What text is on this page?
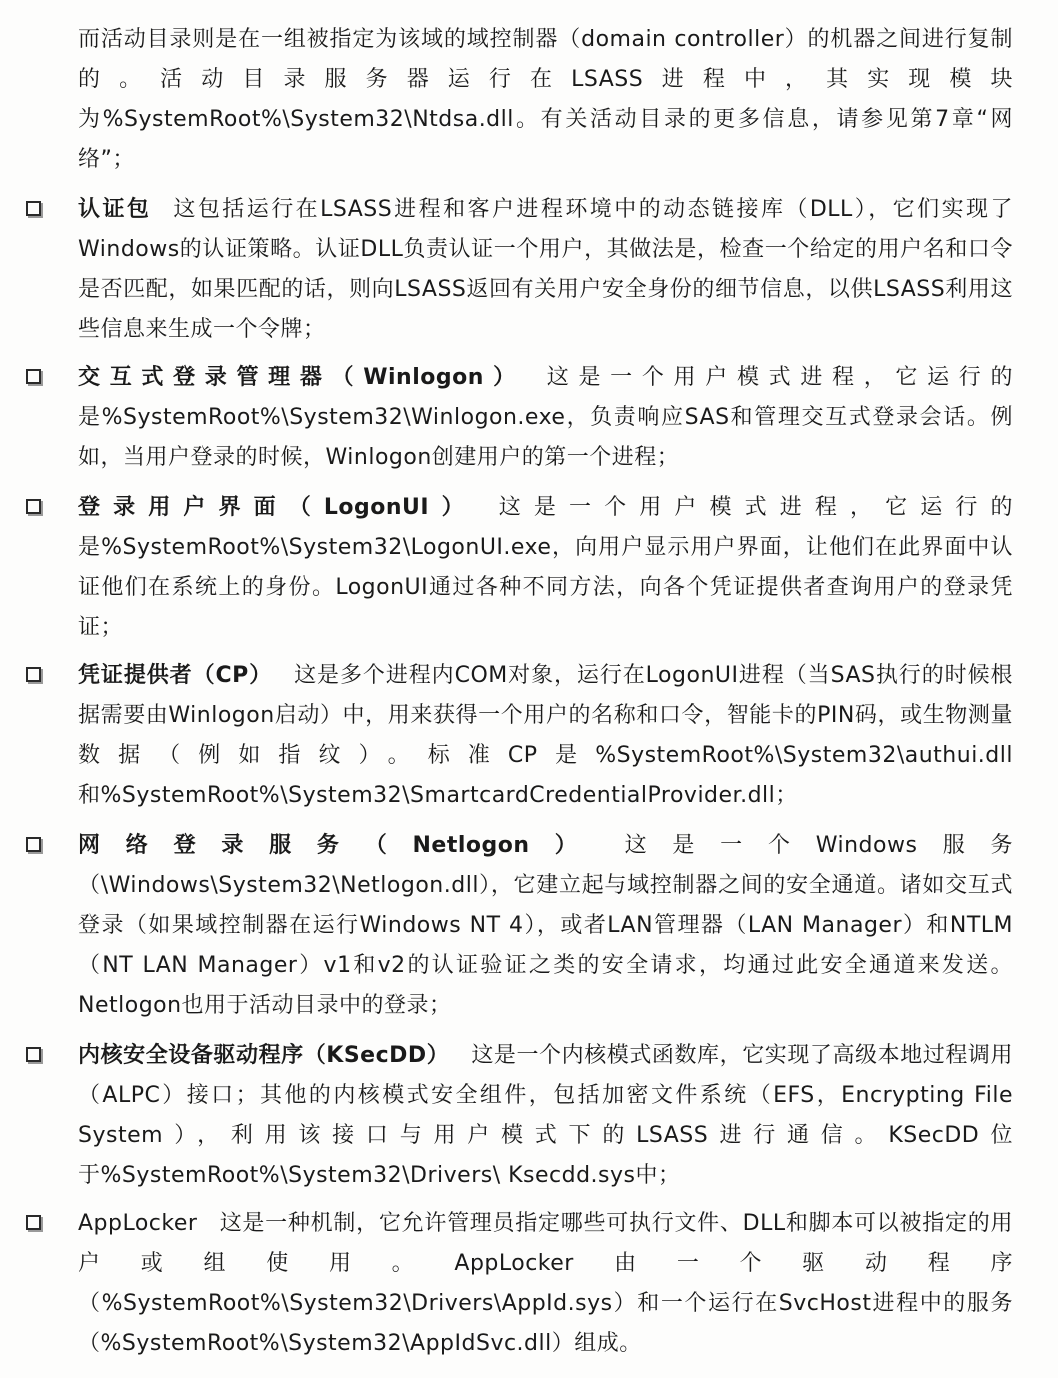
而活动目录则是在一组被指定为该域的域控制器（domain controller）的机器之间进行复制的。活动目录服务器运行在LSASS进程中，其实现模块为%SystemRoot%\System32\Ntdsa.dll。有关活动目录的更多信息，请参见第7章“网络”；
认证包 这包括运行在LSASS进程和客户进程环境中的动态链接库（DLL），它们实现了Windows的认证策略。认证DLL负责认证一个用户，其做法是，检查一个给定的用户名和口令是否匹配，如果匹配的话，则向LSASS返回有关用户安全身份的细节信息，以供LSASS利用这些信息来生成一个令牌；
交互式登录管理器（Winlogon） 这是一个用户模式进程，它运行的是%SystemRoot%\System32\Winlogon.exe，负责响应SAS和管理交互式登录会话。例如，当用户登录的时候，Winlogon创建用户的第一个进程；
登录用户界面（LogonUI） 这是一个用户模式进程，它运行的是%SystemRoot%\System32\LogonUI.exe，向用户显示用户界面，让他们在此界面中认证他们在系统上的身份。LogonUI通过各种不同方法，向各个凭证提供者查询用户的登录凭证；
凭证提供者（CP） 这是多个进程内COM对象，运行在LogonUI进程（当SAS执行的时候根据需要由Winlogon启动）中，用来获得一个用户的名称和口令，智能卡的PIN码，或生物测量数据（例如指纹）。标准CP是%SystemRoot%\System32\authui.dll和%SystemRoot%\System32\SmartcardCredentialProvider.dll；
网络登录服务（Netlogon） 这是一个Windows服务（\Windows\System32\Netlogon.dll），它建立起与域控制器之间的安全通道。诸如交互式登录（如果域控制器在运行Windows NT 4），或者LAN管理器（LAN Manager）和NTLM（NT LAN Manager）v1和v2的认证验证之类的安全请求，均通过此安全通道来发送。Netlogon也用于活动目录中的登录；
内核安全设备驱动程序（KSecDD） 这是一个内核模式函数库，它实现了高级本地过程调用（ALPC）接口；其他的内核模式安全组件，包括加密文件系统（EFS，Encrypting File System），利用该接口与用户模式下的LSASS进行通信。KSecDD位于%SystemRoot%\System32\Drivers\ Ksecdd.sys中；
AppLocker 这是一种机制，它允许管理员指定哪些可执行文件、DLL和脚本可以被指定的用户或组使用。AppLocker由一个驱动程序（%SystemRoot%\System32\Drivers\AppId.sys）和一个运行在SvcHost进程中的服务（%SystemRoot%\System32\AppIdSvc.dll）组成。
